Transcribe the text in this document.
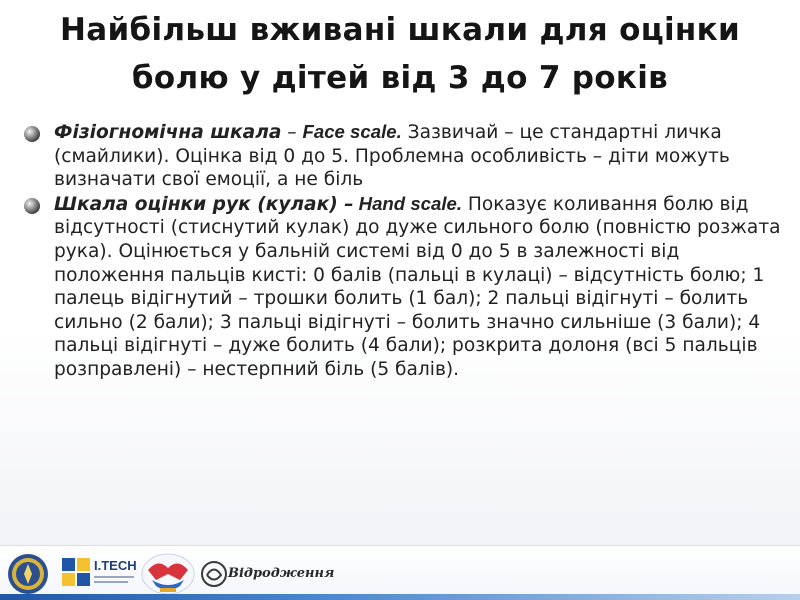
Найбільш вживані шкали для оцінки
болю у дітей від 3 до 7 років
Фізіогномічна шкала – Face scale. Зазвичай – це стандартні личка (смайлики). Оцінка від 0 до 5. Проблемна особливість – діти можуть визначати свої емоції, а не біль
Шкала оцінки рук (кулак) – Hand scale. Показує коливання болю від відсутності (стиснутий кулак) до дуже сильного болю (повністю розжата рука). Оцінюється у бальній системі від 0 до 5 в залежності від положення пальців кисті: 0 балів (пальці в кулаці) – відсутність болю; 1 палець відігнутий – трошки болить (1 бал); 2 пальці відігнуті – болить сильно (2 бали); 3 пальці відігнуті – болить значно сильніше (3 бали); 4 пальці відігнуті – дуже болить (4 бали); розкрита долоня (всі 5 пальців розправлені) – нестерпний біль (5 балів).
I.TECH
Відродження
